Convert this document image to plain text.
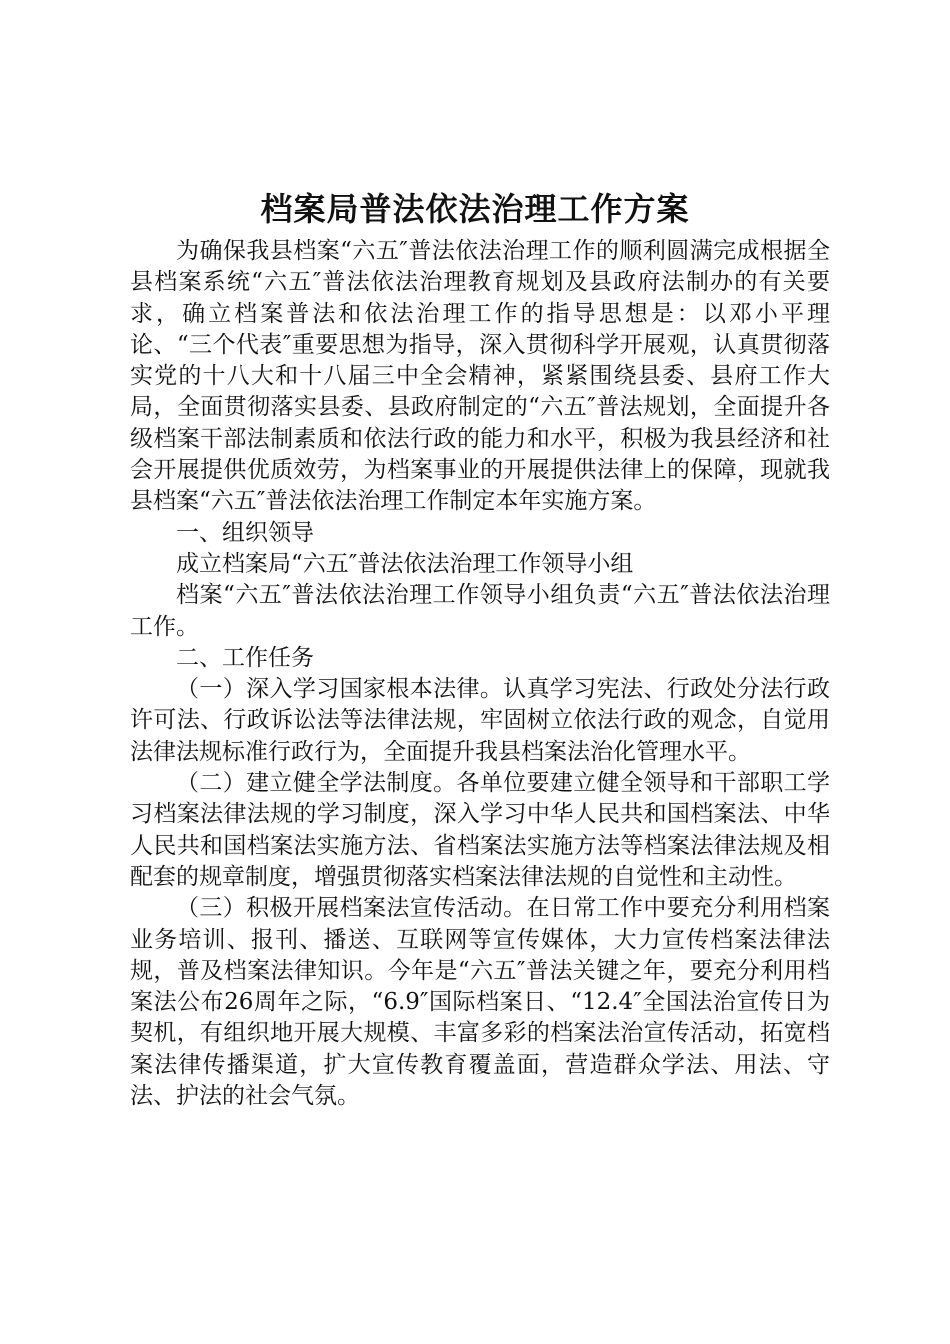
档案局普法依法治理工作方案

为确保我县档案“六五″普法依法治理工作的顺利圆满完成根据全县档案系统“六五″普法依法治理教育规划及县政府法制办的有关要求，确立档案普法和依法治理工作的指导思想是：以邓小平理论、“三个代表″重要思想为指导，深入贯彻科学开展观，认真贯彻落实党的十八大和十八届三中全会精神，紧紧围绕县委、县府工作大局，全面贯彻落实县委、县政府制定的“六五″普法规划，全面提升各级档案干部法制素质和依法行政的能力和水平，积极为我县经济和社会开展提供优质效劳，为档案事业的开展提供法律上的保障，现就我县档案“六五″普法依法治理工作制定本年实施方案。

一、组织领导

成立档案局“六五″普法依法治理工作领导小组

档案“六五″普法依法治理工作领导小组负责“六五″普法依法治理工作。

二、工作任务

（一）深入学习国家根本法律。认真学习宪法、行政处分法行政许可法、行政诉讼法等法律法规，牢固树立依法行政的观念，自觉用法律法规标准行政行为，全面提升我县档案法治化管理水平。

（二）建立健全学法制度。各单位要建立健全领导和干部职工学习档案法律法规的学习制度，深入学习中华人民共和国档案法、中华人民共和国档案法实施方法、省档案法实施方法等档案法律法规及相配套的规章制度，增强贯彻落实档案法律法规的自觉性和主动性。

（三）积极开展档案法宣传活动。在日常工作中要充分利用档案业务培训、报刊、播送、互联网等宣传媒体，大力宣传档案法律法规，普及档案法律知识。今年是“六五″普法关键之年，要充分利用档案法公布26周年之际，“6.9″国际档案日、“12.4″全国法治宣传日为契机，有组织地开展大规模、丰富多彩的档案法治宣传活动，拓宽档案法律传播渠道，扩大宣传教育覆盖面，营造群众学法、用法、守法、护法的社会气氛。
